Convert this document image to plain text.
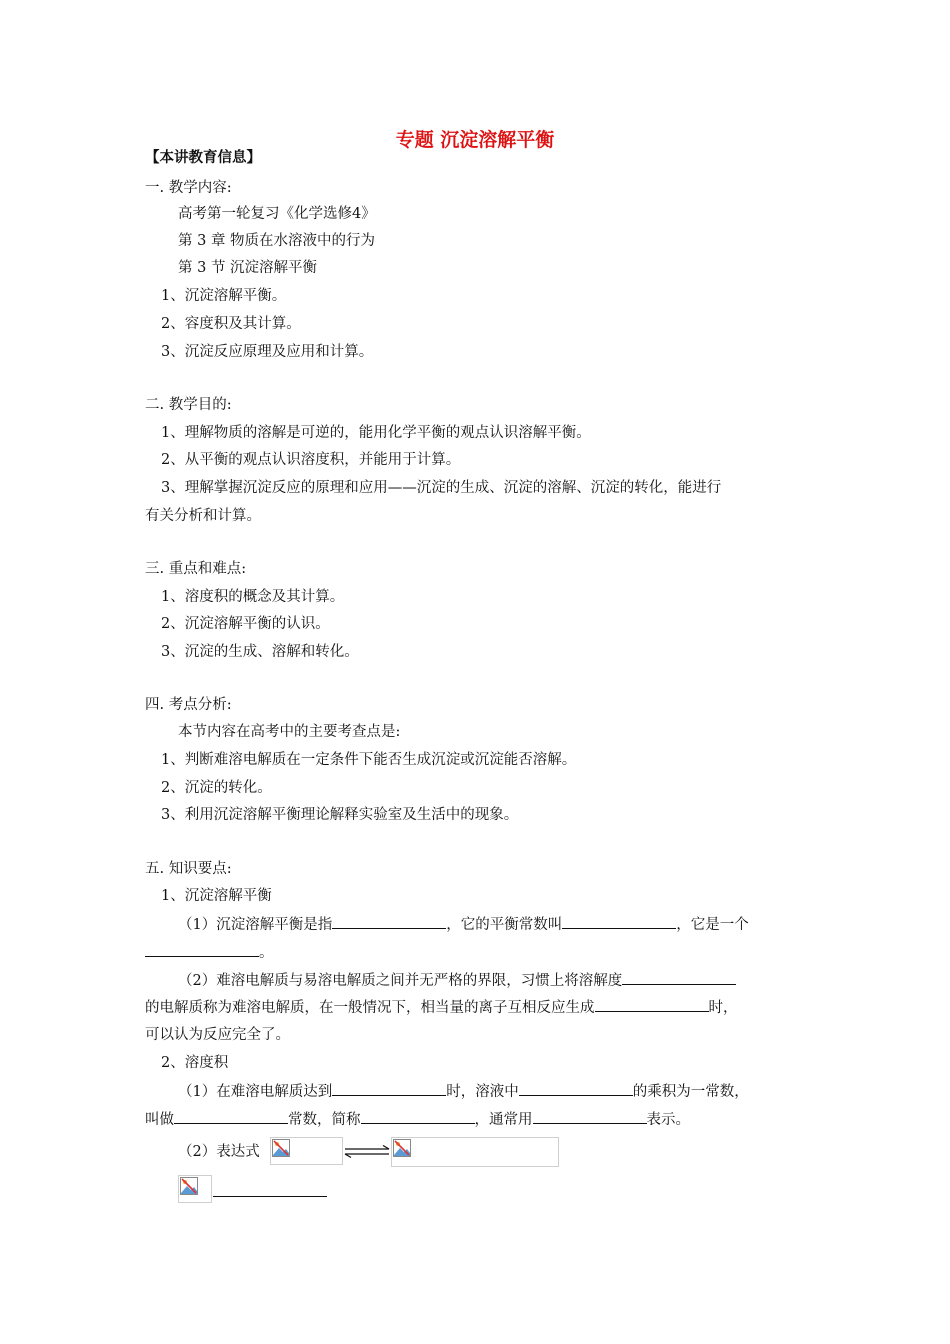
专题 沉淀溶解平衡
【本讲教育信息】
一. 教学内容:
高考第一轮复习《化学选修4》
第 3 章 物质在水溶液中的行为
第 3 节 沉淀溶解平衡
1、沉淀溶解平衡。
2、容度积及其计算。
3、沉淀反应原理及应用和计算。
二. 教学目的:
1、理解物质的溶解是可逆的，能用化学平衡的观点认识溶解平衡。
2、从平衡的观点认识溶度积，并能用于计算。
3、理解掌握沉淀反应的原理和应用——沉淀的生成、沉淀的溶解、沉淀的转化，能进行
有关分析和计算。
三. 重点和难点:
1、溶度积的概念及其计算。
2、沉淀溶解平衡的认识。
3、沉淀的生成、溶解和转化。
四. 考点分析:
本节内容在高考中的主要考查点是:
1、判断难溶电解质在一定条件下能否生成沉淀或沉淀能否溶解。
2、沉淀的转化。
3、利用沉淀溶解平衡理论解释实验室及生活中的现象。
五. 知识要点:
1、沉淀溶解平衡
（1）沉淀溶解平衡是指	，它的平衡常数叫	，它是一个
。
（2）难溶电解质与易溶电解质之间并无严格的界限，习惯上将溶解度
的电解质称为难溶电解质，在一般情况下，相当量的离子互相反应生成	时，
可以认为反应完全了。
2、溶度积
（1）在难溶电解质达到	时，溶液中	的乘积为一常数，
叫做	常数，简称	，通常用	表示。
（2）表达式
